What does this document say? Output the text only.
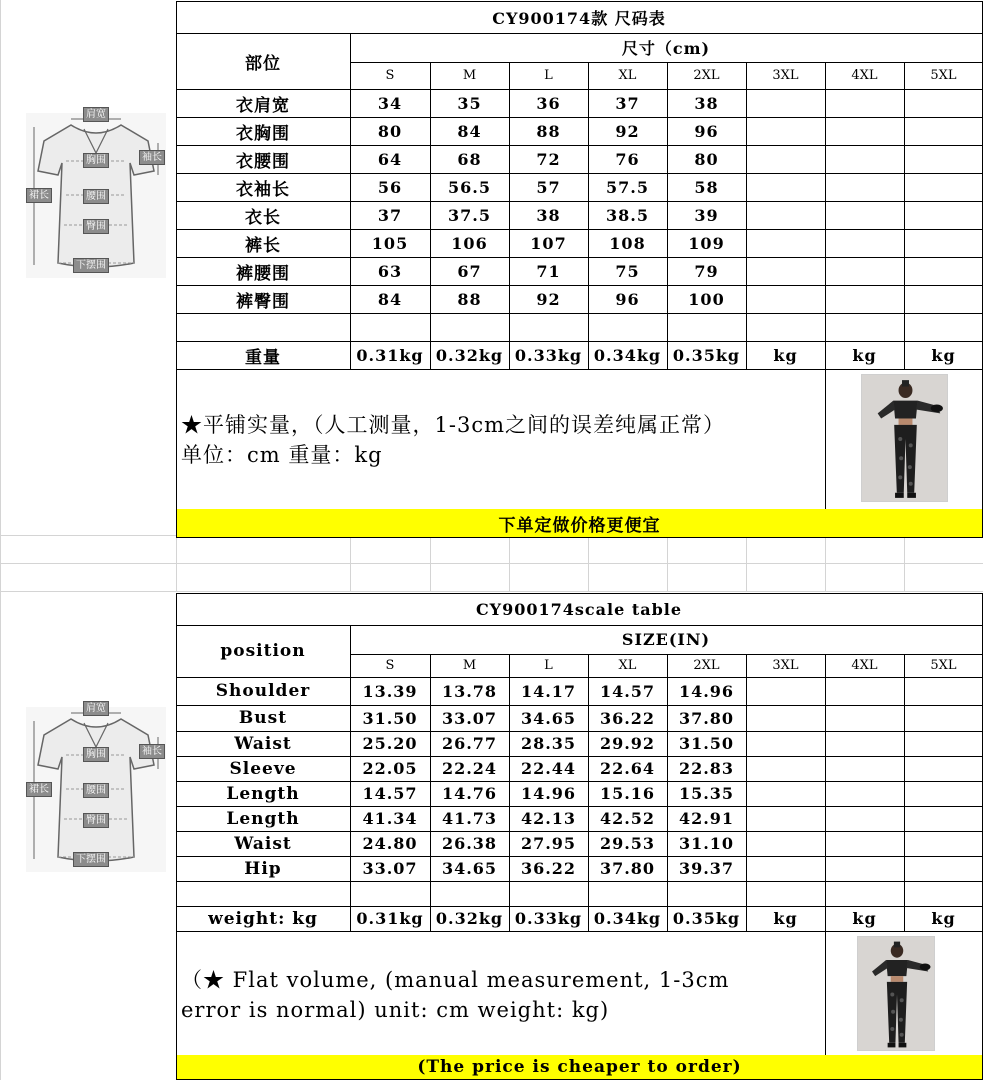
CY900174款 尺码表
部位
尺寸（cm)
S	M	L	XL	2XL	3XL	4XL	5XL
衣肩宽	34	35	36	37	38
衣胸围	80	84	88	92	96
衣腰围	64	68	72	76	80
衣袖长	56	56.5	57	57.5	58
衣长	37	37.5	38	38.5	39
裤长	105	106	107	108	109
裤腰围	63	67	71	75	79
裤臀围	84	88	92	96	100
重量	0.31kg 0.32kg 0.33kg 0.34kg 0.35kg	kg	kg	kg
★平铺实量，（人工测量，1-3cm之间的误差纯属正常）
单位：cm 重量：kg
下单定做价格更便宜
肩宽
袖长
裙长
胸围
腰围
臀围
下摆围
CY900174scale table
position
SIZE(IN)
S	M	L	XL	2XL	3XL	4XL	5XL
Shoulder	13.39	13.78	14.17	14.57	14.96
Bust	31.50	33.07	34.65	36.22	37.80
Waist	25.20	26.77	28.35	29.92	31.50
Sleeve	22.05	22.24	22.44	22.64	22.83
Length	14.57	14.76	14.96	15.16	15.35
Length	41.34	41.73	42.13	42.52	42.91
Waist	24.80	26.38	27.95	29.53	31.10
Hip	33.07	34.65	36.22	37.80	39.37
weight: kg	0.31kg 0.32kg 0.33kg 0.34kg 0.35kg	kg	kg	kg
（★ Flat volume, (manual measurement, 1-3cm
error is normal) unit: cm weight: kg)
(The price is cheaper to order)
肩宽
袖长
裙长
胸围
腰围
臀围
下摆围
